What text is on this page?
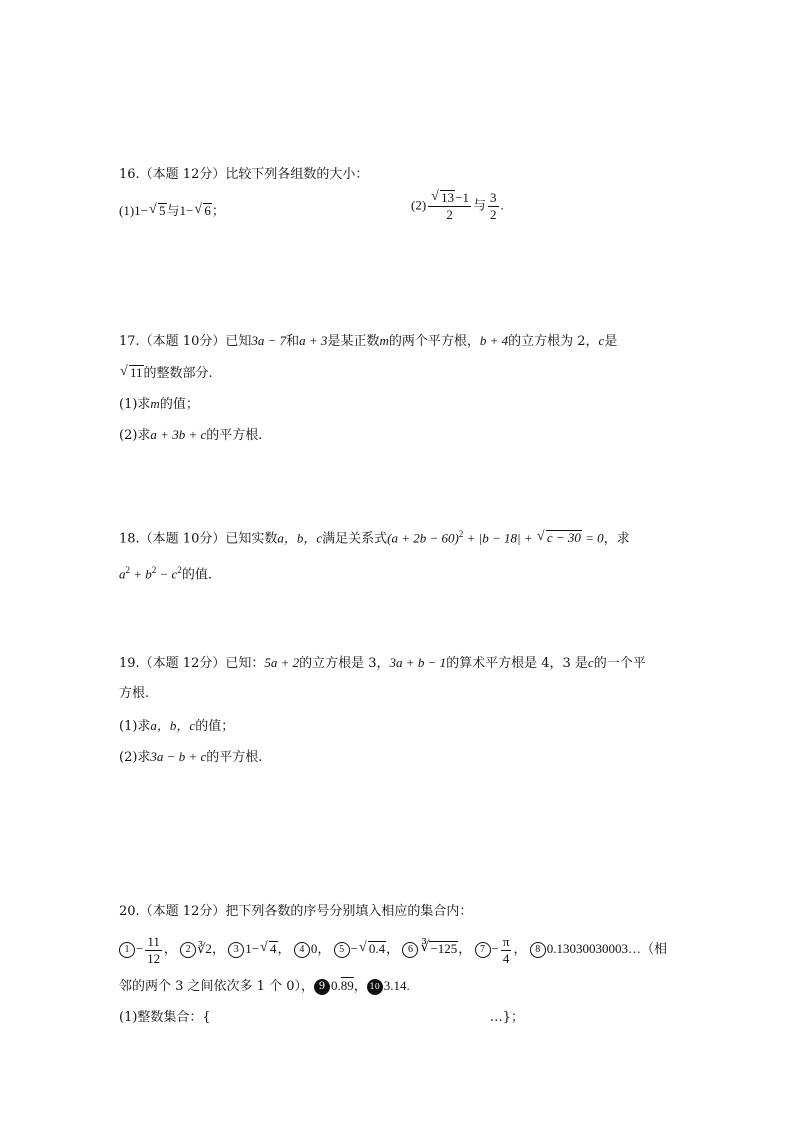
16.（本题 12分）比较下列各组数的大小：
(1)1− √ 5与1− √ 6；	$(2) \frac{√ 13-1}{2}$ 与 $\frac{3}{2}$ .
17.（本题 10分）已知3a − 7和a + 3是某正数m的两个平方根，b + 4的立方根为 2，c是
√ 11的整数部分.
(1)求m的值；
(2)求a + 3b + c的平方根.
18.（本题 10分）已知实数a，b，c满足关系式$(a + 2b - 60)^2 + |b - 18|$ + √ c − 30 = 0，求
$a^2 + b^2 - c^2$的值.
19.（本题 12分）已知：5a + 2的立方根是 3，3a + b − 1的算术平方根是 4，3 是c的一个平
方根.
(1)求a，b，c的值；
(2)求3a − b + c的平方根.
20.（本题 12分）把下列各数的序号分别填入相应的集合内：
$1 - \frac{11}{12}$ ， 2 ∛2， 3 1− √ 4， 4 0， 5 − √ 0.4， 6 ∛ −125， $7 - \frac{\pi}{4}$ ， 8 0.13030030003…（相
邻的两个 3 之间依次多 1 个 0）， 9 0.89， 10 3.14.
(1)整数集合：{	…}；
